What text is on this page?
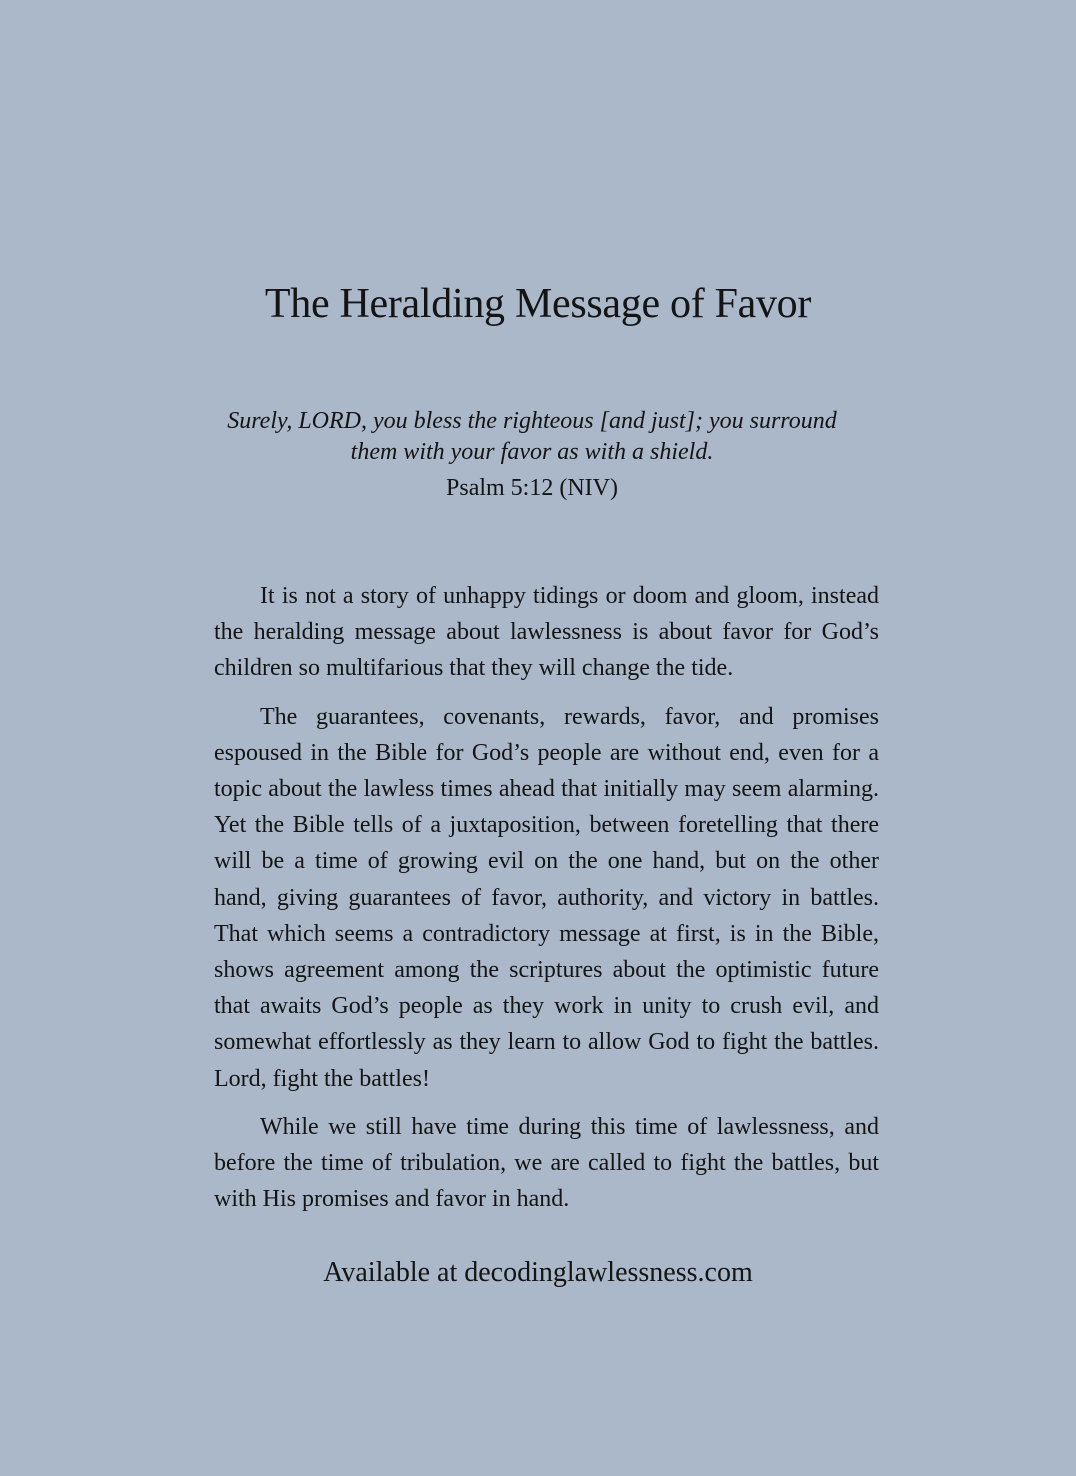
The Heralding Message of Favor

Surely, LORD, you bless the righteous [and just]; you surround them with your favor as with a shield.

Psalm 5:12 (NIV)

It is not a story of unhappy tidings or doom and gloom, instead the heralding message about lawlessness is about favor for God’s children so multifarious that they will change the tide.

The guarantees, covenants, rewards, favor, and promises espoused in the Bible for God’s people are without end, even for a topic about the lawless times ahead that initially may seem alarming. Yet the Bible tells of a juxtaposition, between foretelling that there will be a time of growing evil on the one hand, but on the other hand, giving guarantees of favor, authority, and victory in battles. That which seems a contradictory message at first, is in the Bible, shows agreement among the scriptures about the optimistic future that awaits God’s people as they work in unity to crush evil, and somewhat effortlessly as they learn to allow God to fight the battles. Lord, fight the battles!

While we still have time during this time of lawlessness, and before the time of tribulation, we are called to fight the battles, but with His promises and favor in hand.

Available at decodinglawlessness.com
